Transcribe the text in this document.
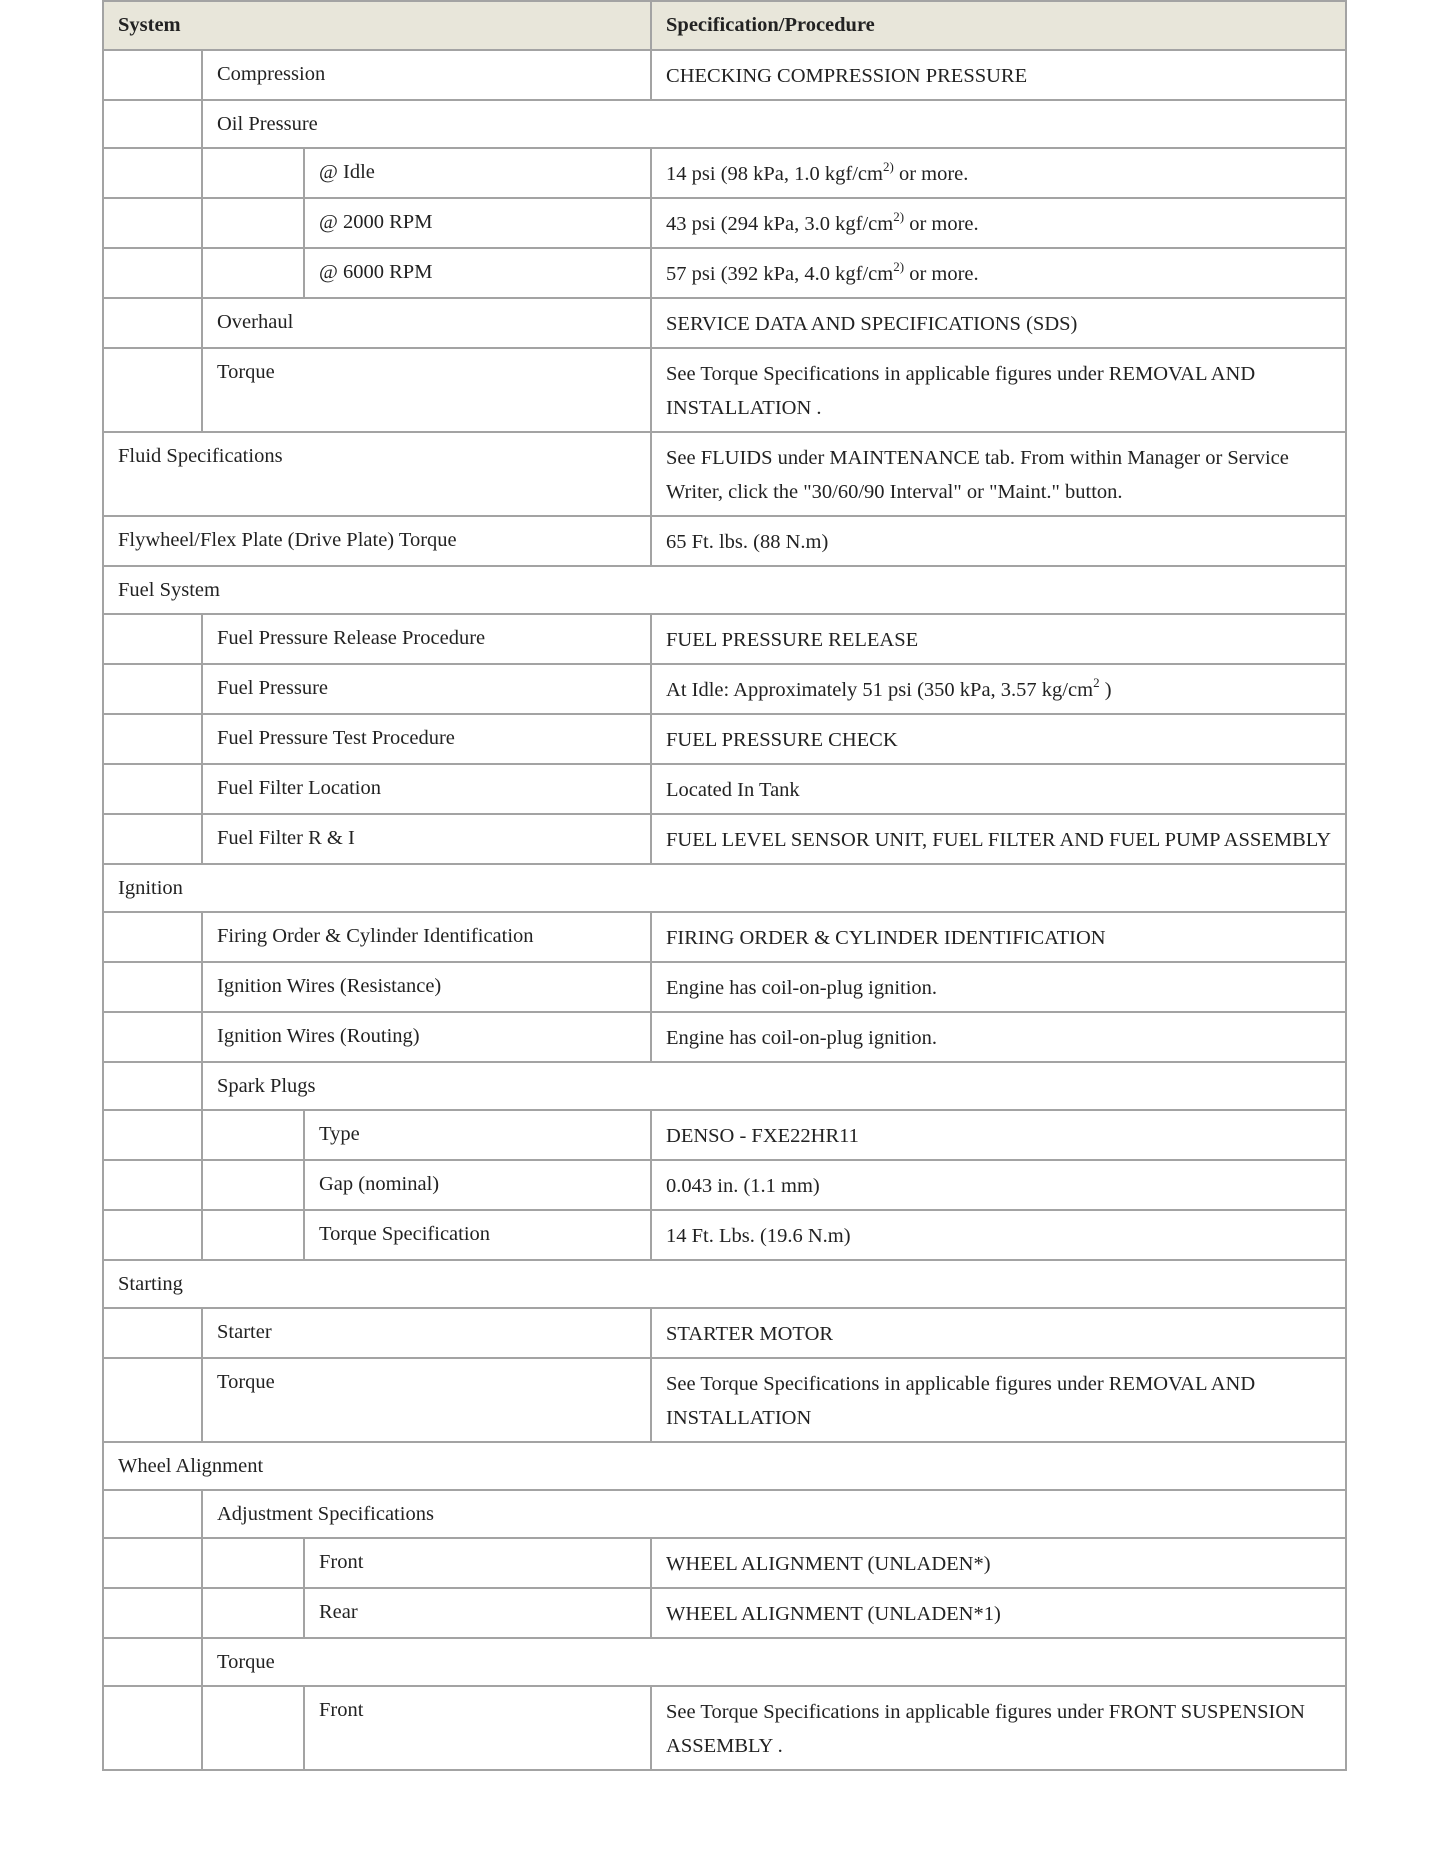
System			Specification/Procedure
	Compression		CHECKING COMPRESSION PRESSURE
	Oil Pressure		
		@ Idle	14 psi (98 kPa, 1.0 kgf/$cm^{2)}$ or more.
		@ 2000 RPM	43 psi (294 kPa, 3.0 kgf/$cm^{2)}$ or more.
		@ 6000 RPM	57 psi (392 kPa, 4.0 kgf/$cm^{2)}$ or more.
	Overhaul		SERVICE DATA AND SPECIFICATIONS (SDS)
	Torque		See Torque Specifications in applicable figures under REMOVAL AND INSTALLATION .
Fluid Specifications			See FLUIDS under MAINTENANCE tab. From within Manager or Service Writer, click the "30/60/90 Interval" or "Maint." button.
Flywheel/Flex Plate (Drive Plate) Torque			65 Ft. lbs. (88 N.m)
Fuel System			
	Fuel Pressure Release Procedure		FUEL PRESSURE RELEASE
	Fuel Pressure		At Idle: Approximately 51 psi (350 kPa, 3.57 $kg/cm^2$ )
	Fuel Pressure Test Procedure		FUEL PRESSURE CHECK
	Fuel Filter Location		Located In Tank
	Fuel Filter R & I		FUEL LEVEL SENSOR UNIT, FUEL FILTER AND FUEL PUMP ASSEMBLY
Ignition			
	Firing Order & Cylinder Identification		FIRING ORDER & CYLINDER IDENTIFICATION
	Ignition Wires (Resistance)		Engine has coil-on-plug ignition.
	Ignition Wires (Routing)		Engine has coil-on-plug ignition.
	Spark Plugs		
		Type	DENSO - FXE22HR11
		Gap (nominal)	0.043 in. (1.1 mm)
		Torque Specification	14 Ft. Lbs. (19.6 N.m)
Starting			
	Starter		STARTER MOTOR
	Torque		See Torque Specifications in applicable figures under REMOVAL AND INSTALLATION
Wheel Alignment			
	Adjustment Specifications		
		Front	WHEEL ALIGNMENT (UNLADEN*)
		Rear	WHEEL ALIGNMENT (UNLADEN*1)
	Torque		
		Front	See Torque Specifications in applicable figures under FRONT SUSPENSION ASSEMBLY .
